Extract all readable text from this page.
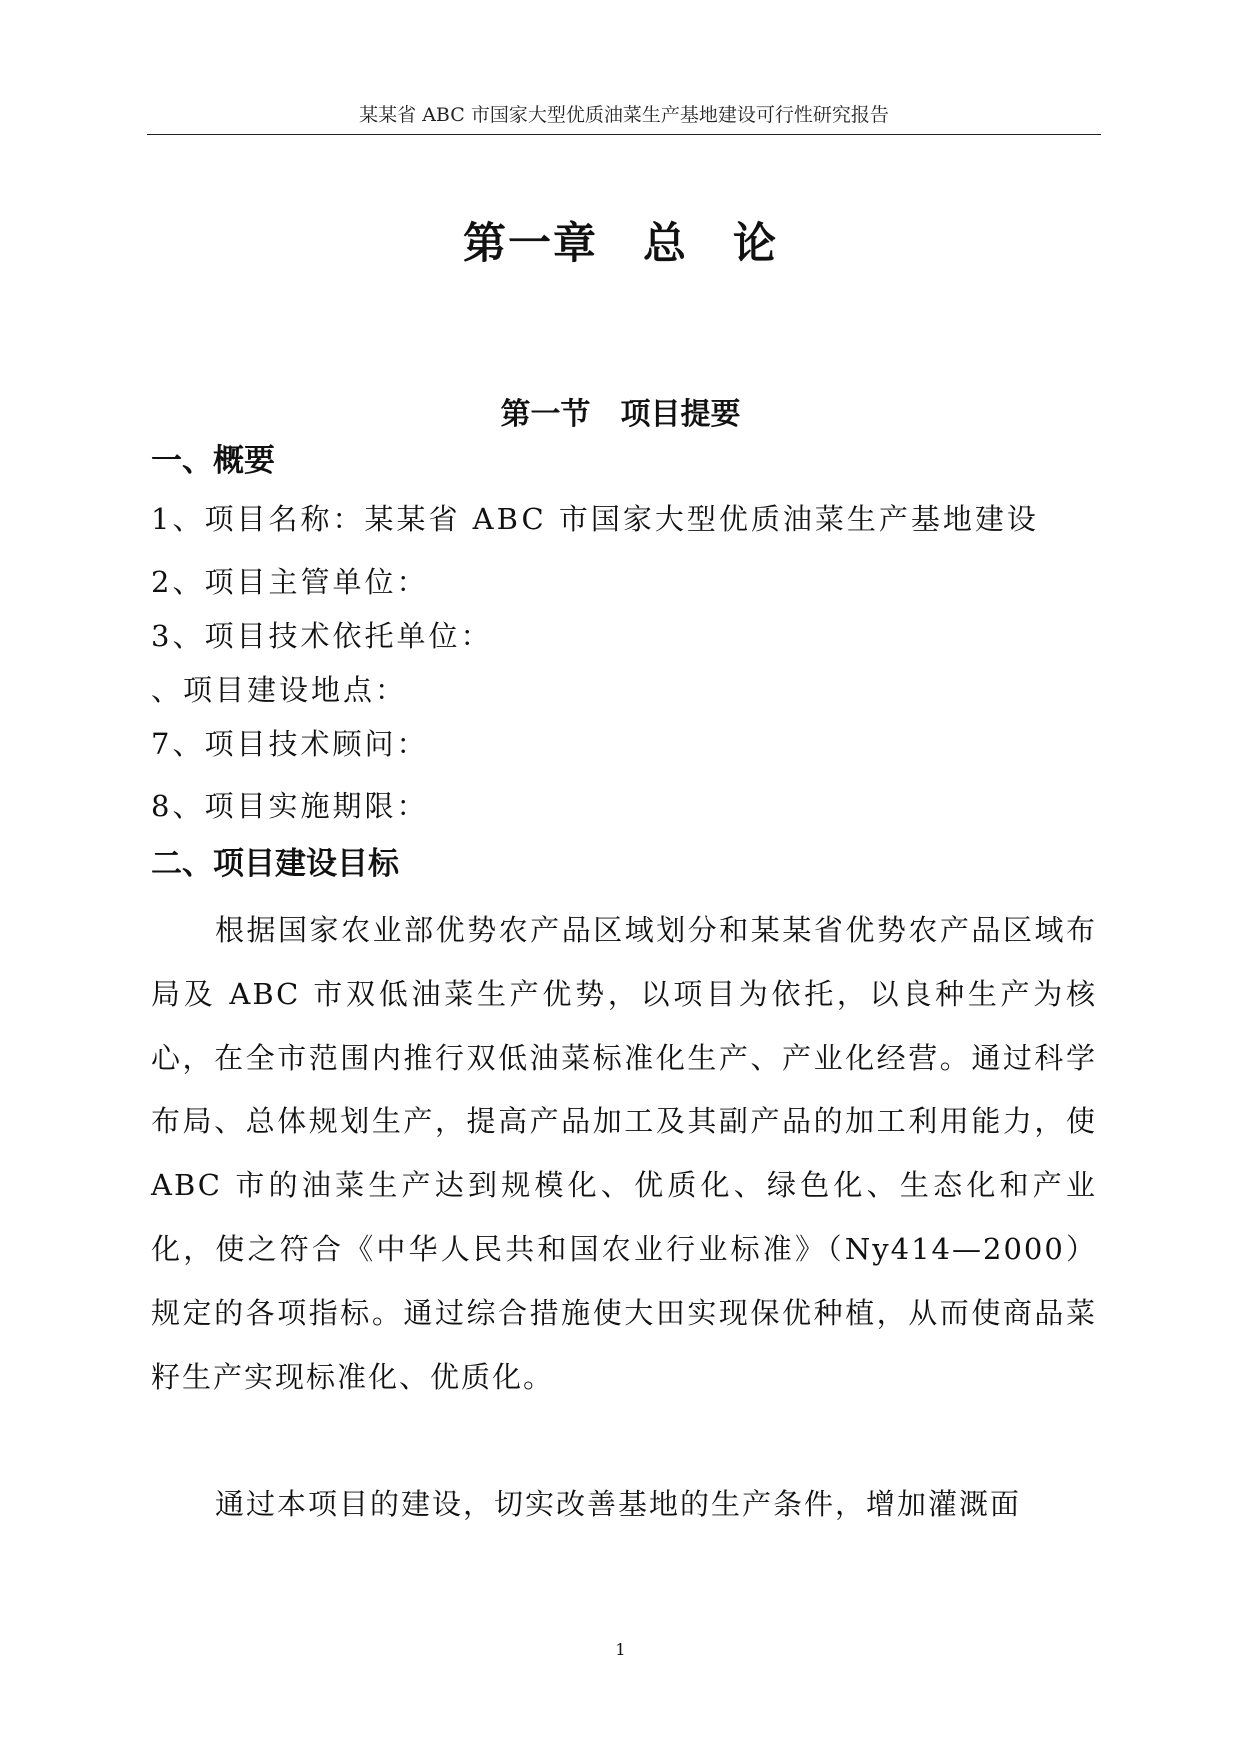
某某省 ABC 市国家大型优质油菜生产基地建设可行性研究报告
第一章　总　论
第一节　项目提要
一、概要
1、项目名称：某某省 ABC 市国家大型优质油菜生产基地建设
2、项目主管单位：
3、项目技术依托单位：
、项目建设地点：
7、项目技术顾问：
8、项目实施期限：
二、项目建设目标
根据国家农业部优势农产品区域划分和某某省优势农产品区域布局及 ABC 市双低油菜生产优势，以项目为依托，以良种生产为核心，在全市范围内推行双低油菜标准化生产、产业化经营。通过科学布局、总体规划生产，提高产品加工及其副产品的加工利用能力，使 ABC 市的油菜生产达到规模化、优质化、绿色化、生态化和产业化，使之符合《中华人民共和国农业行业标准》（Ny414—2000）规定的各项指标。通过综合措施使大田实现保优种植，从而使商品菜籽生产实现标准化、优质化。
通过本项目的建设，切实改善基地的生产条件，增加灌溉面
1
